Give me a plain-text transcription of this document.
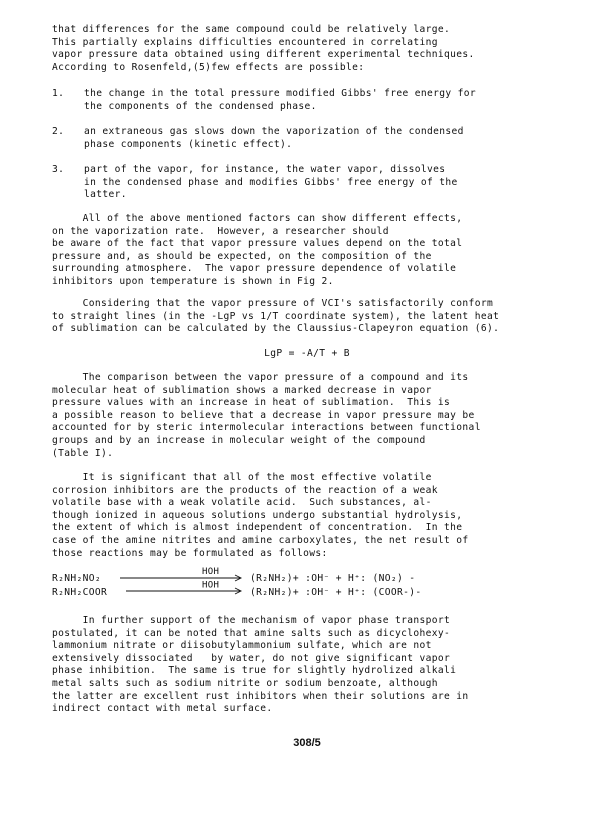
that differences for the same compound could be relatively large.
This partially explains difficulties encountered in correlating
vapor pressure data obtained using different experimental techniques.
According to Rosenfeld,(5)few effects are possible:
1. the change in the total pressure modified Gibbs' free energy for
the components of the condensed phase.
2. an extraneous gas slows down the vaporization of the condensed
phase components (kinetic effect).
3. part of the vapor, for instance, the water vapor, dissolves
in the condensed phase and modifies Gibbs' free energy of the
latter.
All of the above mentioned factors can show different effects,
on the vaporization rate.  However, a researcher should
be aware of the fact that vapor pressure values depend on the total
pressure and, as should be expected, on the composition of the
surrounding atmosphere.  The vapor pressure dependence of volatile
inhibitors upon temperature is shown in Fig 2.
Considering that the vapor pressure of VCI's satisfactorily conform
to straight lines (in the -LgP vs 1/T coordinate system), the latent heat
of sublimation can be calculated by the Claussius-Clapeyron equation (6).
LgP = -A/T + B
The comparison between the vapor pressure of a compound and its
molecular heat of sublimation shows a marked decrease in vapor
pressure values with an increase in heat of sublimation.  This is
a possible reason to believe that a decrease in vapor pressure may be
accounted for by steric intermolecular interactions between functional
groups and by an increase in molecular weight of the compound
(Table I).
It is significant that all of the most effective volatile
corrosion inhibitors are the products of the reaction of a weak
volatile base with a weak volatile acid.  Such substances, al-
though ionized in aqueous solutions undergo substantial hydrolysis,
the extent of which is almost independent of concentration.  In the
case of the amine nitrites and amine carboxylates, the net result of
those reactions may be formulated as follows:
R₂NH₂NO₂
HOH
(R₂NH₂)+ :OH⁻ + H⁺: (NO₂) -
R₂NH₂COOR
HOH
(R₂NH₂)+ :OH⁻ + H⁺: (COOR-)-
In further support of the mechanism of vapor phase transport
postulated, it can be noted that amine salts such as dicyclohexy-
lammonium nitrate or diisobutylammonium sulfate, which are not
extensively dissociated   by water, do not give significant vapor
phase inhibition.  The same is true for slightly hydrolized alkali
metal salts such as sodium nitrite or sodium benzoate, although
the latter are excellent rust inhibitors when their solutions are in
indirect contact with metal surface.
308/5
